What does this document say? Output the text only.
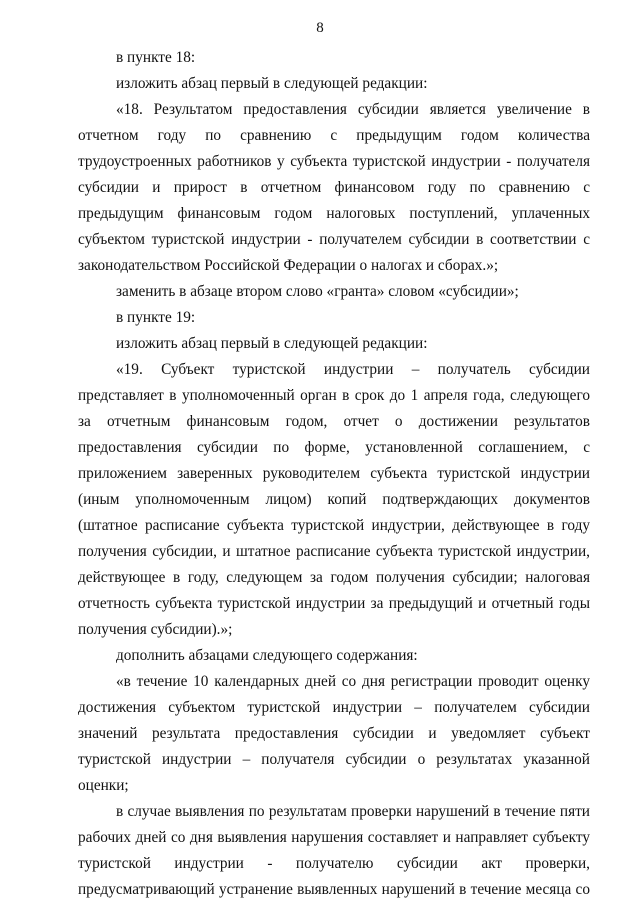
8

в пункте 18:

изложить абзац первый в следующей редакции:

«18. Результатом предоставления субсидии является увеличение в отчетном году по сравнению с предыдущим годом количества трудоустроенных работников у субъекта туристской индустрии - получателя субсидии и прирост в отчетном финансовом году по сравнению с предыдущим финансовым годом налоговых поступлений, уплаченных субъектом туристской индустрии - получателем субсидии в соответствии с законодательством Российской Федерации о налогах и сборах.»;

заменить в абзаце втором слово «гранта» словом «субсидии»;

в пункте 19:

изложить абзац первый в следующей редакции:

«19. Субъект туристской индустрии – получатель субсидии представляет в уполномоченный орган в срок до 1 апреля года, следующего за отчетным финансовым годом, отчет о достижении результатов предоставления субсидии по форме, установленной соглашением, с приложением заверенных руководителем субъекта туристской индустрии (иным уполномоченным лицом) копий подтверждающих документов (штатное расписание субъекта туристской индустрии, действующее в году получения субсидии, и штатное расписание субъекта туристской индустрии, действующее в году, следующем за годом получения субсидии; налоговая отчетность субъекта туристской индустрии за предыдущий и отчетный годы получения субсидии).»;

дополнить абзацами следующего содержания:

«в течение 10 календарных дней со дня регистрации проводит оценку достижения субъектом туристской индустрии – получателем субсидии значений результата предоставления субсидии и уведомляет субъект туристской индустрии – получателя субсидии о результатах указанной оценки;

в случае выявления по результатам проверки нарушений в течение пяти рабочих дней со дня выявления нарушения составляет и направляет субъекту туристской индустрии - получателю субсидии акт проверки, предусматривающий устранение выявленных нарушений в течение месяца со
